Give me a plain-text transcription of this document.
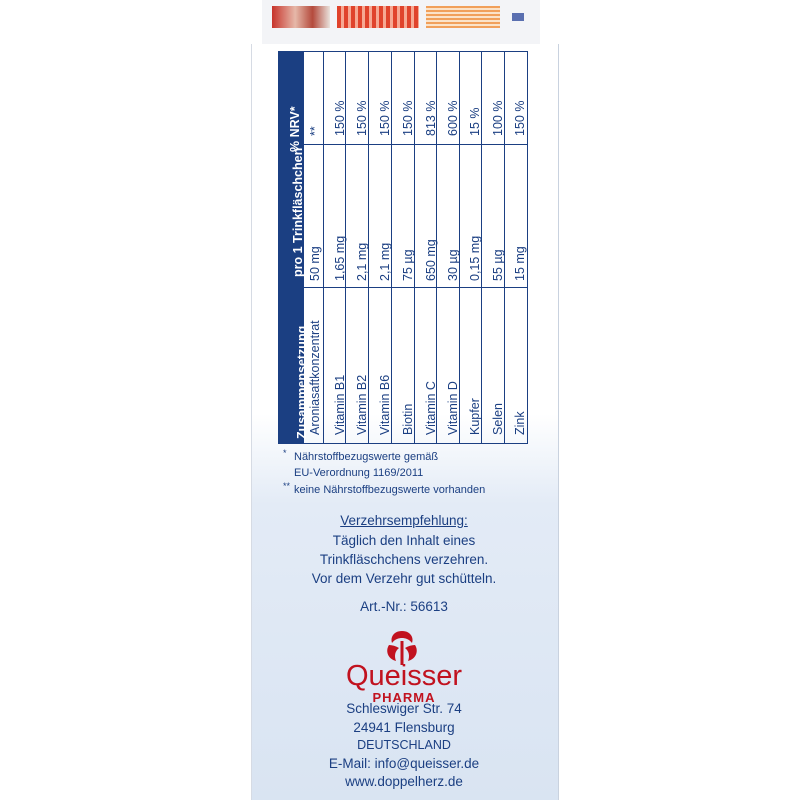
Zusammensetzung
pro 1 Trinkfläschchen
% NRV*
Aroniasaftkonzentrat
50 mg
**
Vitamin B1
1,65 mg
150 %
Vitamin B2
2,1 mg
150 %
Vitamin B6
2,1 mg
150 %
Biotin
75 µg
150 %
Vitamin C
650 mg
813 %
Vitamin D
30 µg
600 %
Kupfer
0,15 mg
15 %
Selen
55 µg
100 %
Zink
15 mg
150 %
* Nährstoffbezugswerte gemäß
EU-Verordnung 1169/2011
** keine Nährstoffbezugswerte vorhanden
Verzehrsempfehlung:
Täglich den Inhalt eines
Trinkfläschchens verzehren.
Vor dem Verzehr gut schütteln.
Art.-Nr.: 56613
Queisser
PHARMA
Schleswiger Str. 74
24941 Flensburg
DEUTSCHLAND
E-Mail: info@queisser.de
www.doppelherz.de
